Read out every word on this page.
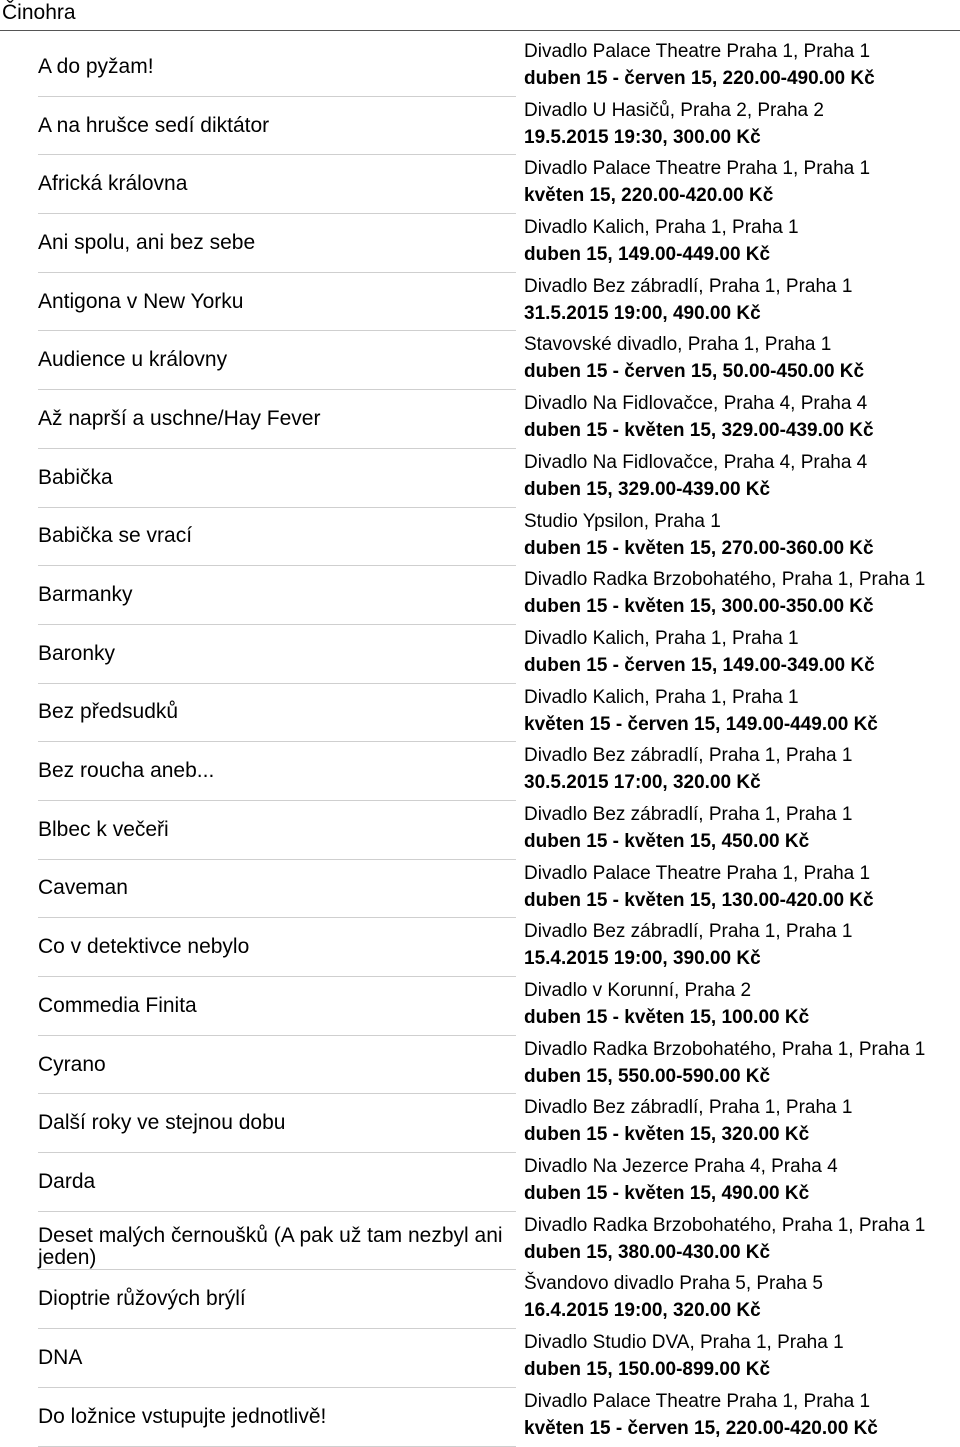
Činohra
A do pyžam!
Divadlo Palace Theatre Praha 1, Praha 1
duben 15 - červen 15, 220.00-490.00 Kč
A na hrušce sedí diktátor
Divadlo U Hasičů, Praha 2, Praha 2
19.5.2015 19:30, 300.00 Kč
Africká královna
Divadlo Palace Theatre Praha 1, Praha 1
květen 15, 220.00-420.00 Kč
Ani spolu, ani bez sebe
Divadlo Kalich, Praha 1, Praha 1
duben 15, 149.00-449.00 Kč
Antigona v New Yorku
Divadlo Bez zábradlí, Praha 1, Praha 1
31.5.2015 19:00, 490.00 Kč
Audience u královny
Stavovské divadlo, Praha 1, Praha 1
duben 15 - červen 15, 50.00-450.00 Kč
Až naprší a uschne/Hay Fever
Divadlo Na Fidlovačce, Praha 4, Praha 4
duben 15 - květen 15, 329.00-439.00 Kč
Babička
Divadlo Na Fidlovačce, Praha 4, Praha 4
duben 15, 329.00-439.00 Kč
Babička se vrací
Studio Ypsilon, Praha 1
duben 15 - květen 15, 270.00-360.00 Kč
Barmanky
Divadlo Radka Brzobohatého, Praha 1, Praha 1
duben 15 - květen 15, 300.00-350.00 Kč
Baronky
Divadlo Kalich, Praha 1, Praha 1
duben 15 - červen 15, 149.00-349.00 Kč
Bez předsudků
Divadlo Kalich, Praha 1, Praha 1
květen 15 - červen 15, 149.00-449.00 Kč
Bez roucha aneb...
Divadlo Bez zábradlí, Praha 1, Praha 1
30.5.2015 17:00, 320.00 Kč
Blbec k večeři
Divadlo Bez zábradlí, Praha 1, Praha 1
duben 15 - květen 15, 450.00 Kč
Caveman
Divadlo Palace Theatre Praha 1, Praha 1
duben 15 - květen 15, 130.00-420.00 Kč
Co v detektivce nebylo
Divadlo Bez zábradlí, Praha 1, Praha 1
15.4.2015 19:00, 390.00 Kč
Commedia Finita
Divadlo v Korunní, Praha 2
duben 15 - květen 15, 100.00 Kč
Cyrano
Divadlo Radka Brzobohatého, Praha 1, Praha 1
duben 15, 550.00-590.00 Kč
Další roky ve stejnou dobu
Divadlo Bez zábradlí, Praha 1, Praha 1
duben 15 - květen 15, 320.00 Kč
Darda
Divadlo Na Jezerce Praha 4, Praha 4
duben 15 - květen 15, 490.00 Kč
Deset malých černoušků (A pak už tam nezbyl ani jeden)
Divadlo Radka Brzobohatého, Praha 1, Praha 1
duben 15, 380.00-430.00 Kč
Dioptrie růžových brýlí
Švandovo divadlo Praha 5, Praha 5
16.4.2015 19:00, 320.00 Kč
DNA
Divadlo Studio DVA, Praha 1, Praha 1
duben 15, 150.00-899.00 Kč
Do ložnice vstupujte jednotlivě!
Divadlo Palace Theatre Praha 1, Praha 1
květen 15 - červen 15, 220.00-420.00 Kč
